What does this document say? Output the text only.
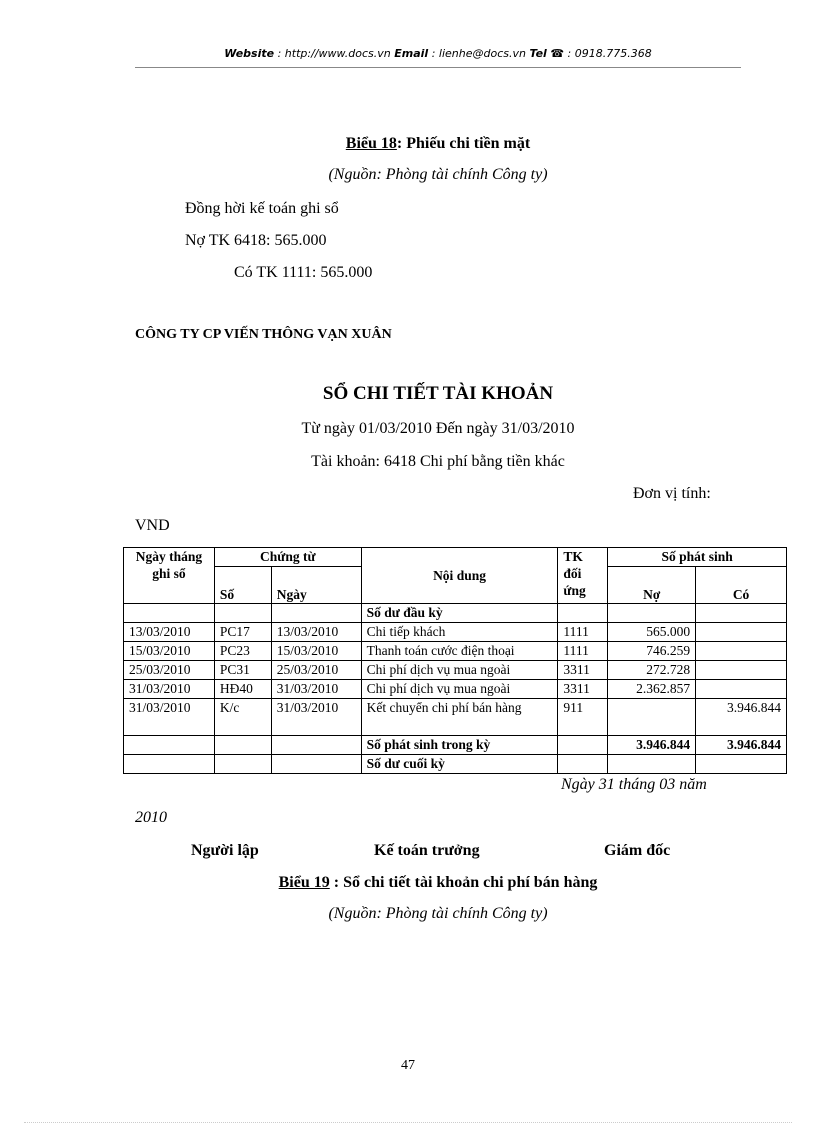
Website : http://www.docs.vn Email : lienhe@docs.vn Tel ☎ : 0918.775.368
Biểu 18: Phiếu chi tiền mặt
(Nguồn: Phòng tài chính Công ty)
Đồng hời kế toán ghi sổ
Nợ TK 6418: 565.000
Có TK 1111: 565.000
CÔNG TY CP VIẾN THÔNG VẠN XUÂN
SỔ CHI TIẾT TÀI KHOẢN
Từ ngày 01/03/2010 Đến ngày 31/03/2010
Tài khoản: 6418 Chi phí bằng tiền khác
Đơn vị tính:
VND
Ngày tháng ghi sổ	Chứng từ		Nội dung	TK đối ứng	Số phát sinh	
	Số	Ngày			Nợ	Có
			Số dư đầu kỳ			
13/03/2010	PC17	13/03/2010	Chi tiếp khách	1111	565.000	
15/03/2010	PC23	15/03/2010	Thanh toán cước điện thoại	1111	746.259	
25/03/2010	PC31	25/03/2010	Chi phí dịch vụ mua ngoài	3311	272.728	
31/03/2010	HĐ40	31/03/2010	Chi phí dịch vụ mua ngoài	3311	2.362.857	
31/03/2010	K/c	31/03/2010	Kết chuyển chi phí bán hàng	911		3.946.844
			Số phát sinh trong kỳ		3.946.844	3.946.844
			Số dư cuối kỳ			
Ngày 31 tháng 03 năm
2010
Người lập	Kế toán trưởng	Giám đốc
Biểu 19 : Sổ chi tiết tài khoản chi phí bán hàng
(Nguồn: Phòng tài chính Công ty)
47
